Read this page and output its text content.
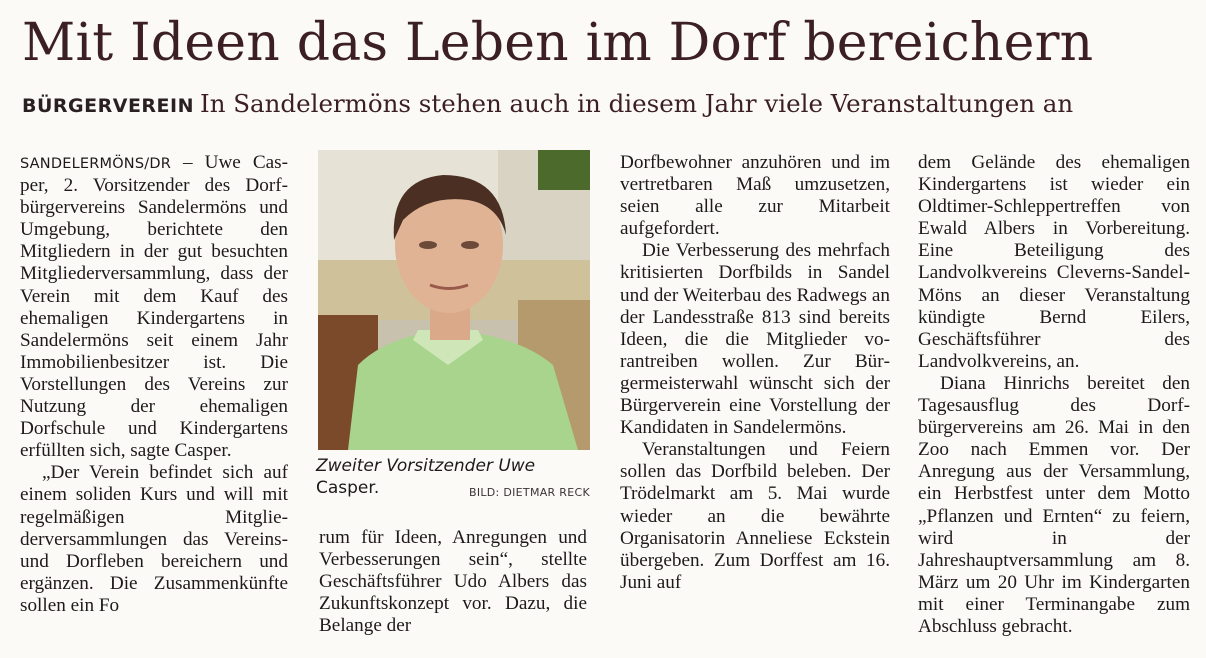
Mit Ideen das Leben im Dorf bereichern
BÜRGERVEREIN In Sandelermöns stehen auch in diesem Jahr viele Veranstaltungen an

SANDELERMÖNS/DR – Uwe Casper, 2. Vorsitzender des Dorfbürgervereins Sandelermöns und Umgebung, berichtete den Mitgliedern in der gut besuchten Mitgliederversammlung, dass der Verein mit dem Kauf des ehemaligen Kindergartens in Sandelermöns seit einem Jahr Immobilienbesitzer ist. Die Vorstellungen des Vereins zur Nutzung der ehemaligen Dorfschule und Kindergartens erfüllten sich, sagte Casper.

„Der Verein befindet sich auf einem soliden Kurs und will mit regelmäßigen Mitgliederversammlungen das Vereins- und Dorfleben bereichern und ergänzen. Die Zusammenkünfte sollen ein Fo

Zweiter Vorsitzender Uwe
Casper.	BILD: DIETMAR RECK

rum für Ideen, Anregungen und Verbesserungen sein“, stellte Geschäftsführer Udo Albers das Zukunftskonzept vor. Dazu, die Belange der

Dorfbewohner anzuhören und im vertretbaren Maß umzusetzen, seien alle zur Mitarbeit aufgefordert.

Die Verbesserung des mehrfach kritisierten Dorfbilds in Sandel und der Weiterbau des Radwegs an der Landesstraße 813 sind bereits Ideen, die die Mitglieder vorantreiben wollen. Zur Bürgermeisterwahl wünscht sich der Bürgerverein eine Vorstellung der Kandidaten in Sandelermöns.

Veranstaltungen und Feiern sollen das Dorfbild beleben. Der Trödelmarkt am 5. Mai wurde wieder an die bewährte Organisatorin Anneliese Eckstein übergeben. Zum Dorffest am 16. Juni auf

dem Gelände des ehemaligen Kindergartens ist wieder ein Oldtimer-Schleppertreffen von Ewald Albers in Vorbereitung. Eine Beteiligung des Landvolkvereins Cleverns-Sandel-Möns an dieser Veranstaltung kündigte Bernd Eilers, Geschäftsführer des Landvolkvereins, an.

Diana Hinrichs bereitet den Tagesausflug des Dorfbürgervereins am 26. Mai in den Zoo nach Emmen vor. Der Anregung aus der Versammlung, ein Herbstfest unter dem Motto „Pflanzen und Ernten“ zu feiern, wird in der Jahreshauptversammlung am 8. März um 20 Uhr im Kindergarten mit einer Terminangabe zum Abschluss gebracht.
